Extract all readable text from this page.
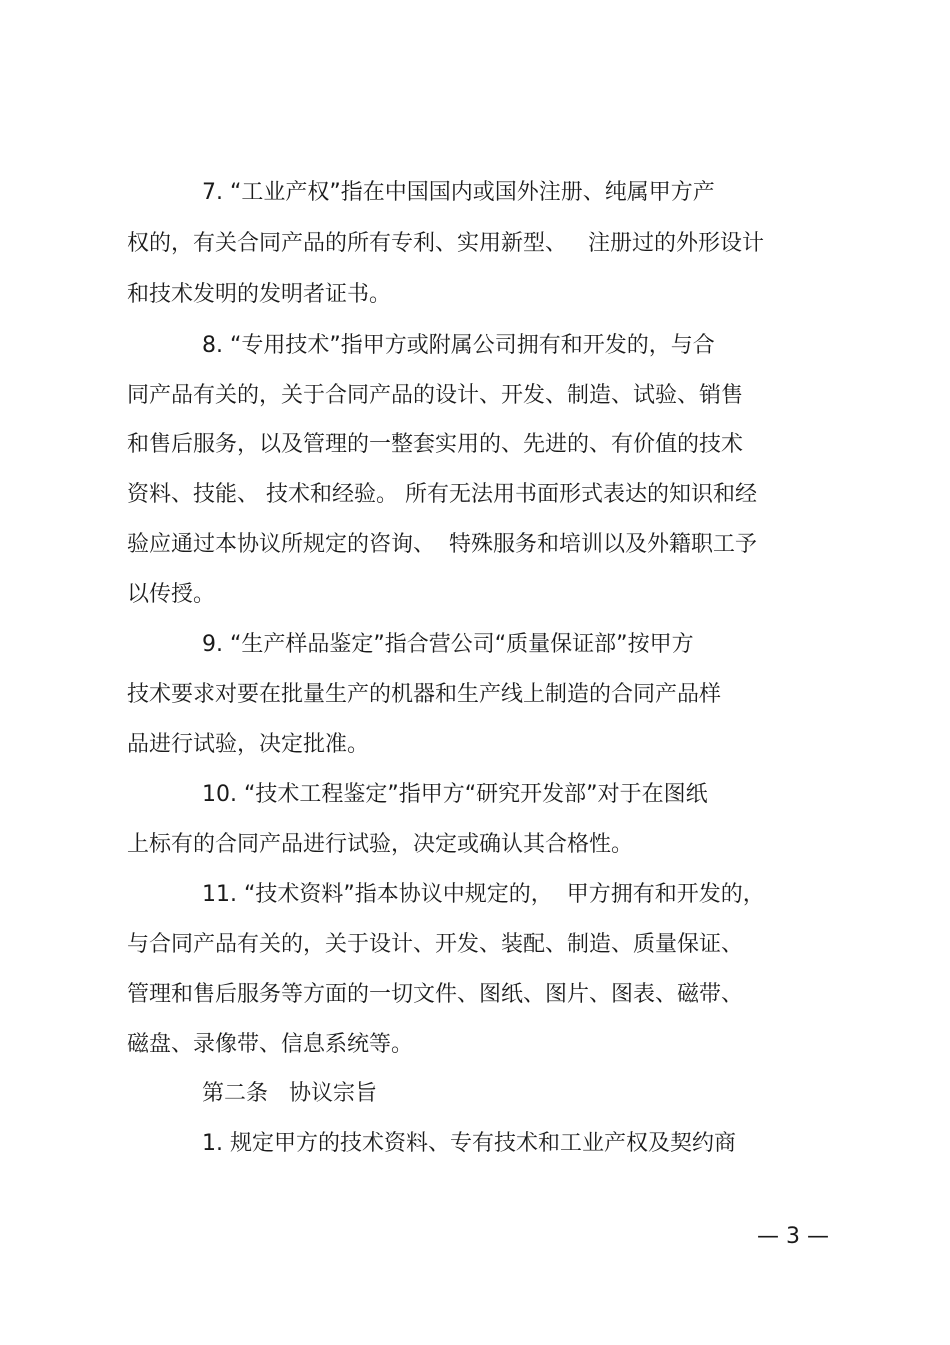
7. “工业产权”指在中国国内或国外注册、纯属甲方产
权的，有关合同产品的所有专利、实用新型、   注册过的外形设计
和技术发明的发明者证书。
8. “专用技术”指甲方或附属公司拥有和开发的，与合
同产品有关的，关于合同产品的设计、开发、制造、试验、销售
和售后服务，以及管理的一整套实用的、先进的、有价值的技术
资料、技能、 技术和经验。 所有无法用书面形式表达的知识和经
验应通过本协议所规定的咨询、  特殊服务和培训以及外籍职工予
以传授。
9. “生产样品鉴定”指合营公司“质量保证部”按甲方
技术要求对要在批量生产的机器和生产线上制造的合同产品样
品进行试验，决定批准。
10. “技术工程鉴定”指甲方“研究开发部”对于在图纸
上标有的合同产品进行试验，决定或确认其合格性。
11. “技术资料”指本协议中规定的，  甲方拥有和开发的，
与合同产品有关的，关于设计、开发、装配、制造、质量保证、
管理和售后服务等方面的一切文件、图纸、图片、图表、磁带、
磁盘、录像带、信息系统等。
第二条   协议宗旨
1. 规定甲方的技术资料、专有技术和工业产权及契约商
— 3 —
